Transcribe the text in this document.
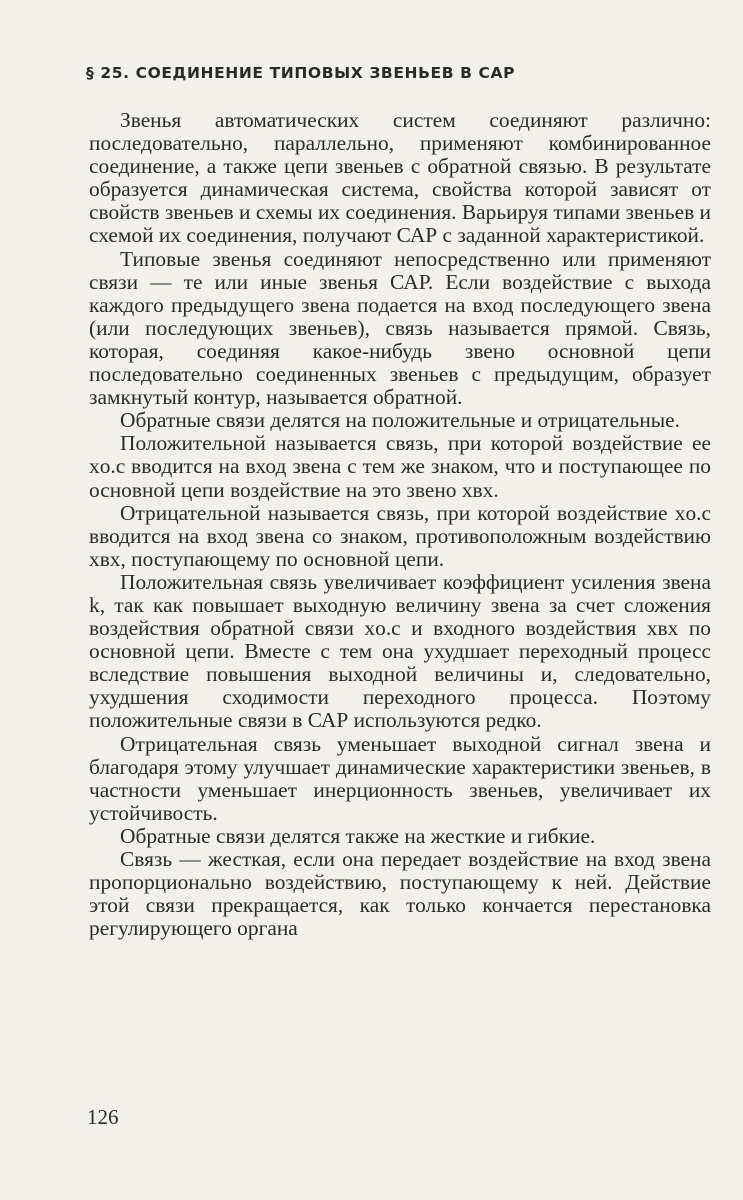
§ 25. СОЕДИНЕНИЕ ТИПОВЫХ ЗВЕНЬЕВ В САР

Звенья автоматических систем соединяют различно: последовательно, параллельно, применяют комбинированное соединение, а также цепи звеньев с обратной связью. В результате образуется динамическая система, свойства которой зависят от свойств звеньев и схемы их соединения. Варьируя типами звеньев и схемой их соединения, получают САР с заданной характеристикой.

Типовые звенья соединяют непосредственно или применяют связи — те или иные звенья САР. Если воздействие с выхода каждого предыдущего звена подается на вход последующего звена (или последующих звеньев), связь называется прямой. Связь, которая, соединяя какое-нибудь звено основной цепи последовательно соединенных звеньев с предыдущим, образует замкнутый контур, называется обратной.

Обратные связи делятся на положительные и отрицательные.

Положительной называется связь, при которой воздействие ее xо.с вводится на вход звена с тем же знаком, что и поступающее по основной цепи воздействие на это звено xвх.

Отрицательной называется связь, при которой воздействие xо.с вводится на вход звена со знаком, противоположным воздействию xвх, поступающему по основной цепи.

Положительная связь увеличивает коэффициент усиления звена k, так как повышает выходную величину звена за счет сложения воздействия обратной связи xо.с и входного воздействия xвх по основной цепи. Вместе с тем она ухудшает переходный процесс вследствие повышения выходной величины и, следовательно, ухудшения сходимости переходного процесса. Поэтому положительные связи в САР используются редко.

Отрицательная связь уменьшает выходной сигнал звена и благодаря этому улучшает динамические характеристики звеньев, в частности уменьшает инерционность звеньев, увеличивает их устойчивость.

Обратные связи делятся также на жесткие и гибкие.

Связь — жесткая, если она передает воздействие на вход звена пропорционально воздействию, поступающему к ней. Действие этой связи прекращается, как только кончается перестановка регулирующего органа

126
